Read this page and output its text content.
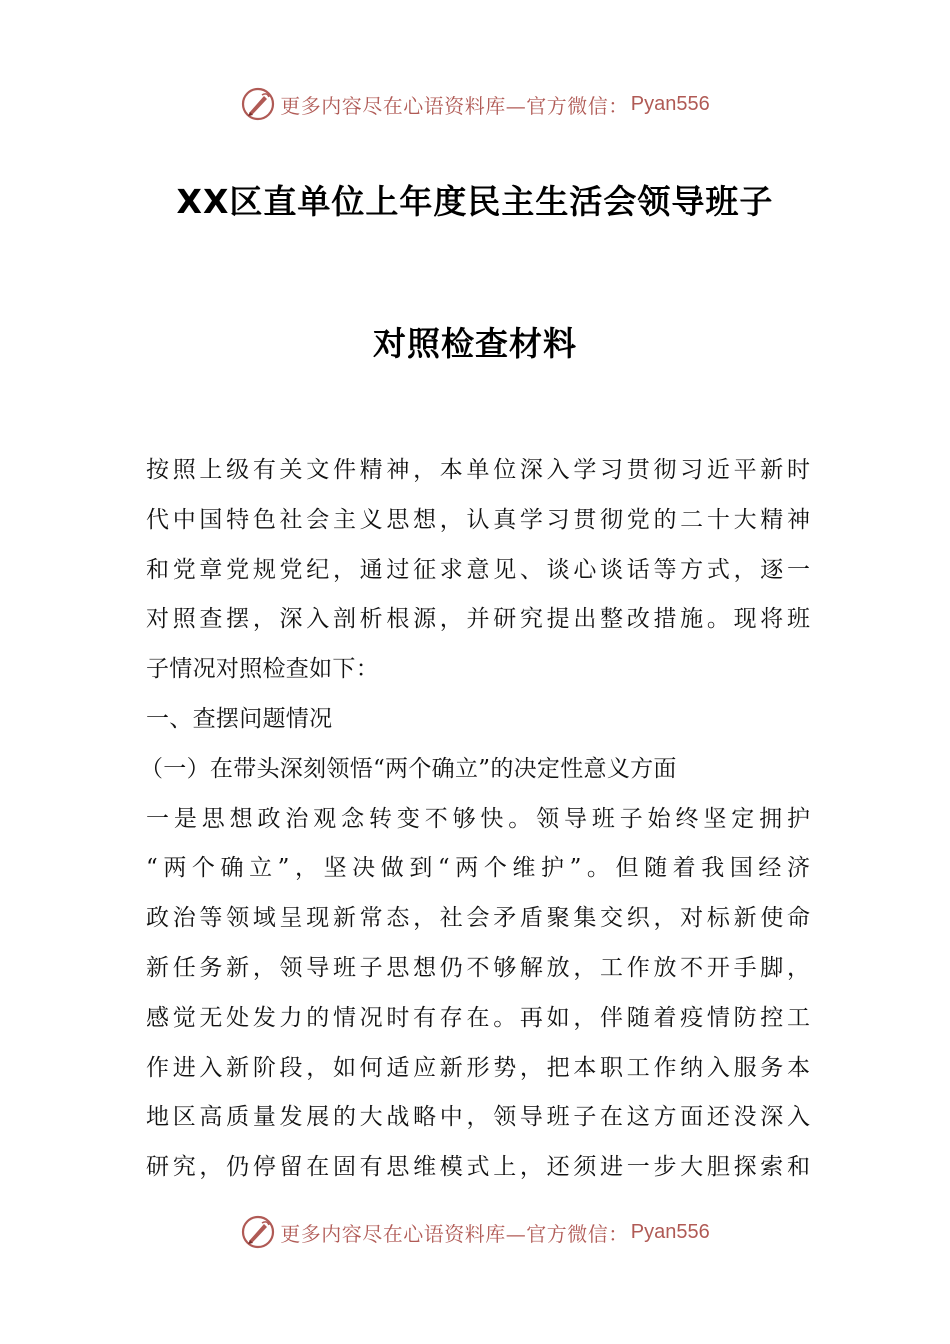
更多内容尽在心语资料库—官方微信： Pyan556
XX区直单位上年度民主生活会领导班子
对照检查材料

按照上级有关文件精神，本单位深入学习贯彻习近平新时

代中国特色社会主义思想，认真学习贯彻党的二十大精神

和党章党规党纪，通过征求意见、谈心谈话等方式，逐一

对照查摆，深入剖析根源，并研究提出整改措施。现将班

子情况对照检查如下：

一、查摆问题情况

（一）在带头深刻领悟“两个确立”的决定性意义方面

一是思想政治观念转变不够快。领导班子始终坚定拥护

“两个确立”，坚决做到“两个维护”。但随着我国经济

政治等领域呈现新常态，社会矛盾聚集交织，对标新使命

新任务新，领导班子思想仍不够解放，工作放不开手脚，

感觉无处发力的情况时有存在。再如，伴随着疫情防控工

作进入新阶段，如何适应新形势，把本职工作纳入服务本

地区高质量发展的大战略中，领导班子在这方面还没深入

研究，仍停留在固有思维模式上，还须进一步大胆探索和

更多内容尽在心语资料库—官方微信： Pyan556
